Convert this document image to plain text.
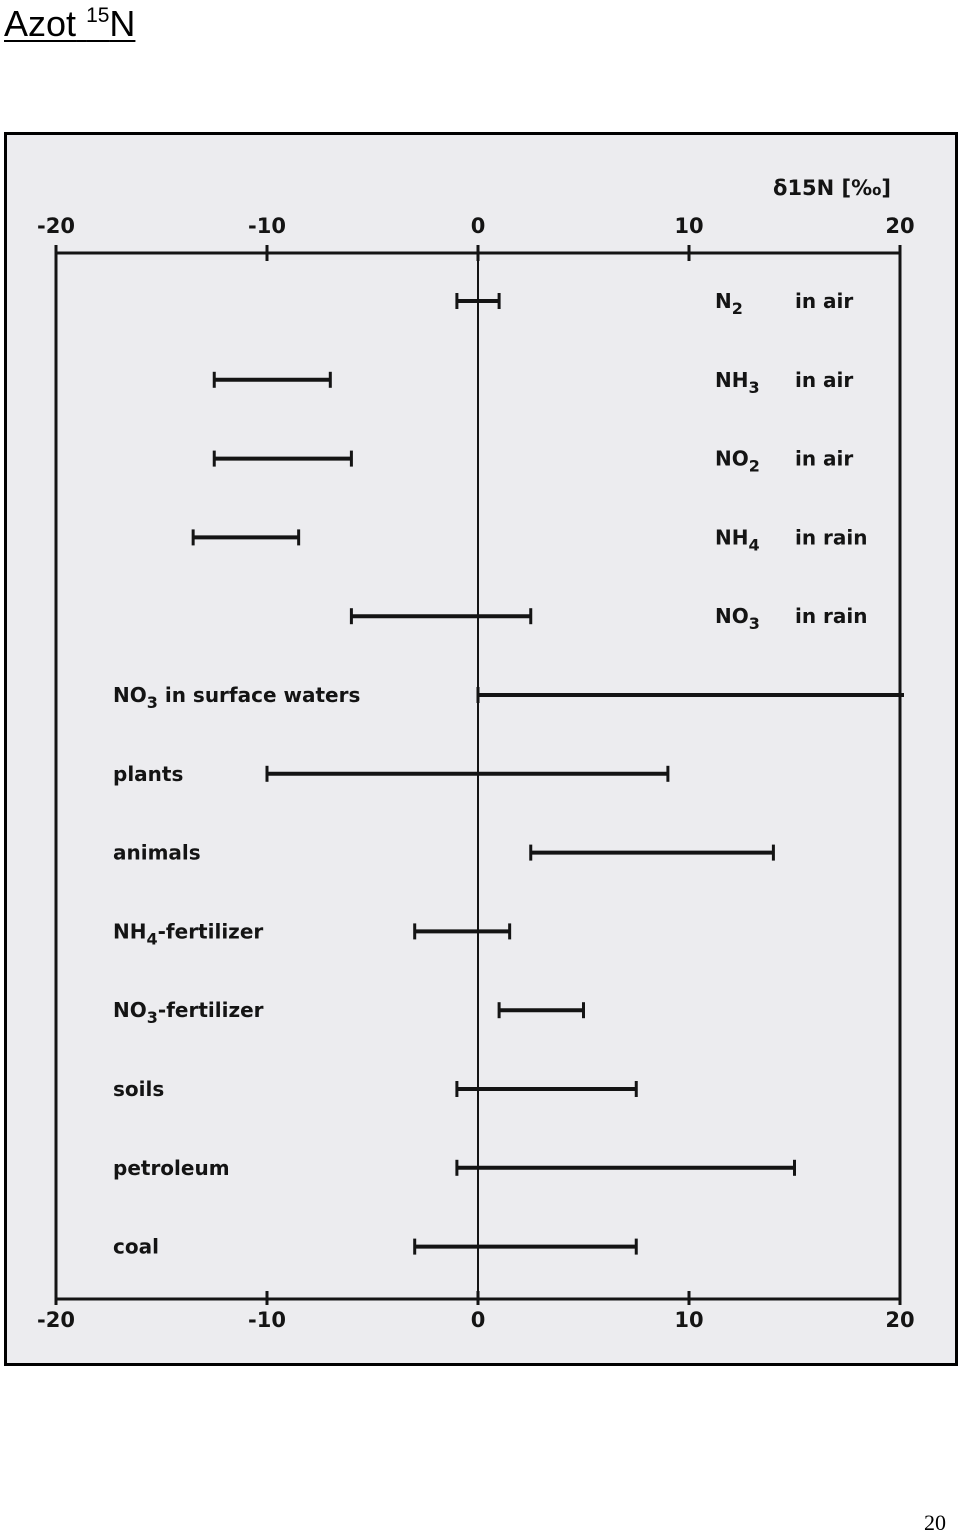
Azot $^{15}$N
-20
-20
-10
-10
0
0
10
10
20
20
δ15N [‰]
$N_2$	in air
$NH_3$ in air
$NO_2$ in air
$NH_4$ in rain
$NO_3$ in rain
$NO_3$ in surface waters
plants
animals
$NH_4$-fertilizer
$NO_3$-fertilizer
soils
petroleum
coal
20
